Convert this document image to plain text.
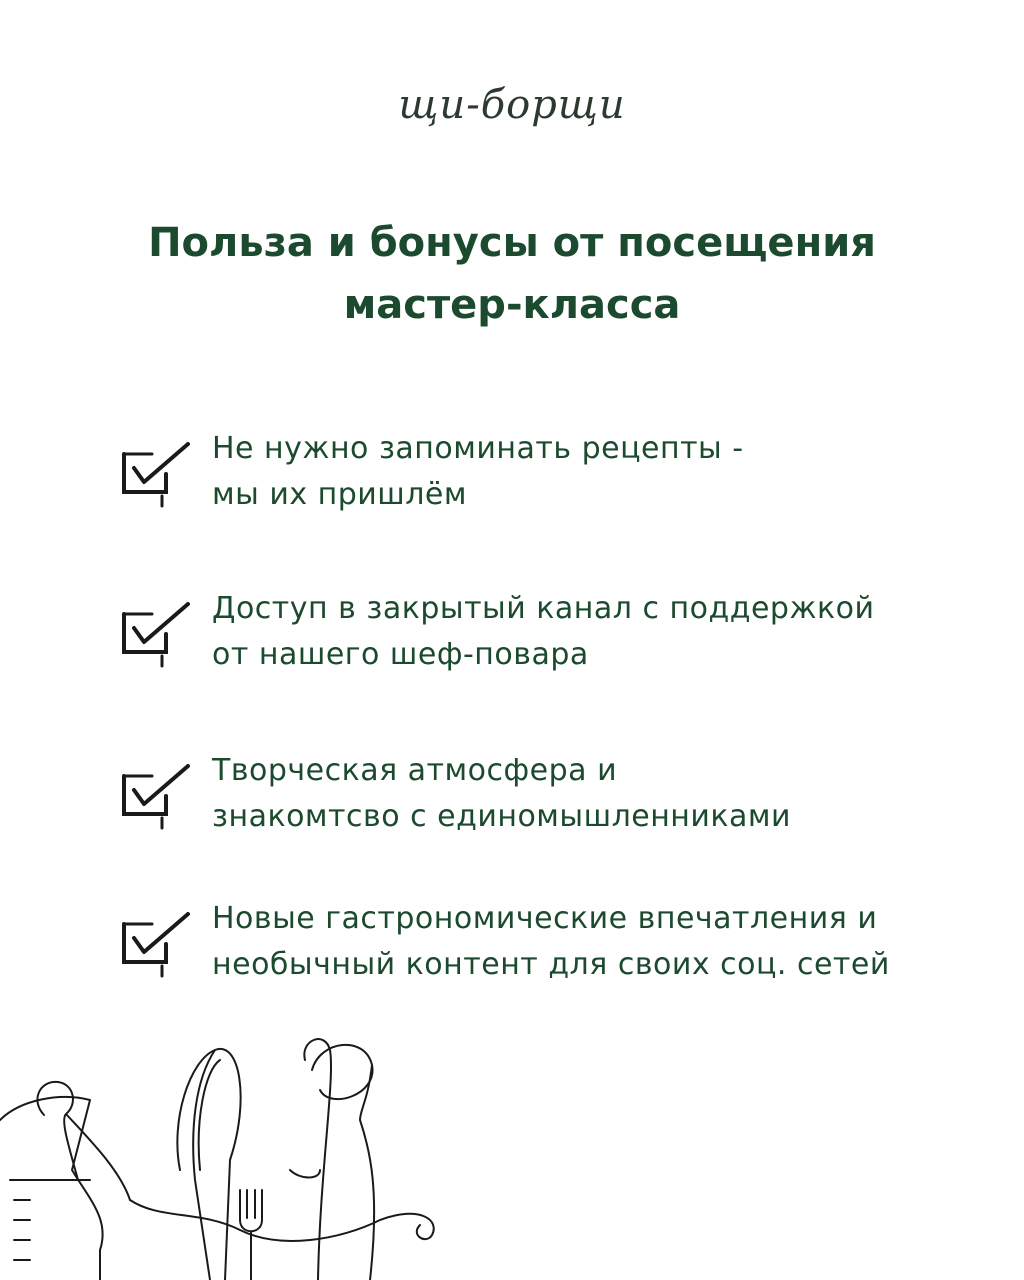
щи-борщи
Польза и бонусы от посещения
мастер-класса
Не нужно запоминать рецепты -
мы их пришлём
Доступ в закрытый канал с поддержкой
от нашего шеф-повара
Творческая атмосфера и
знакомтсво с единомышленниками
Новые гастрономические впечатления и
необычный контент для своих соц. сетей
